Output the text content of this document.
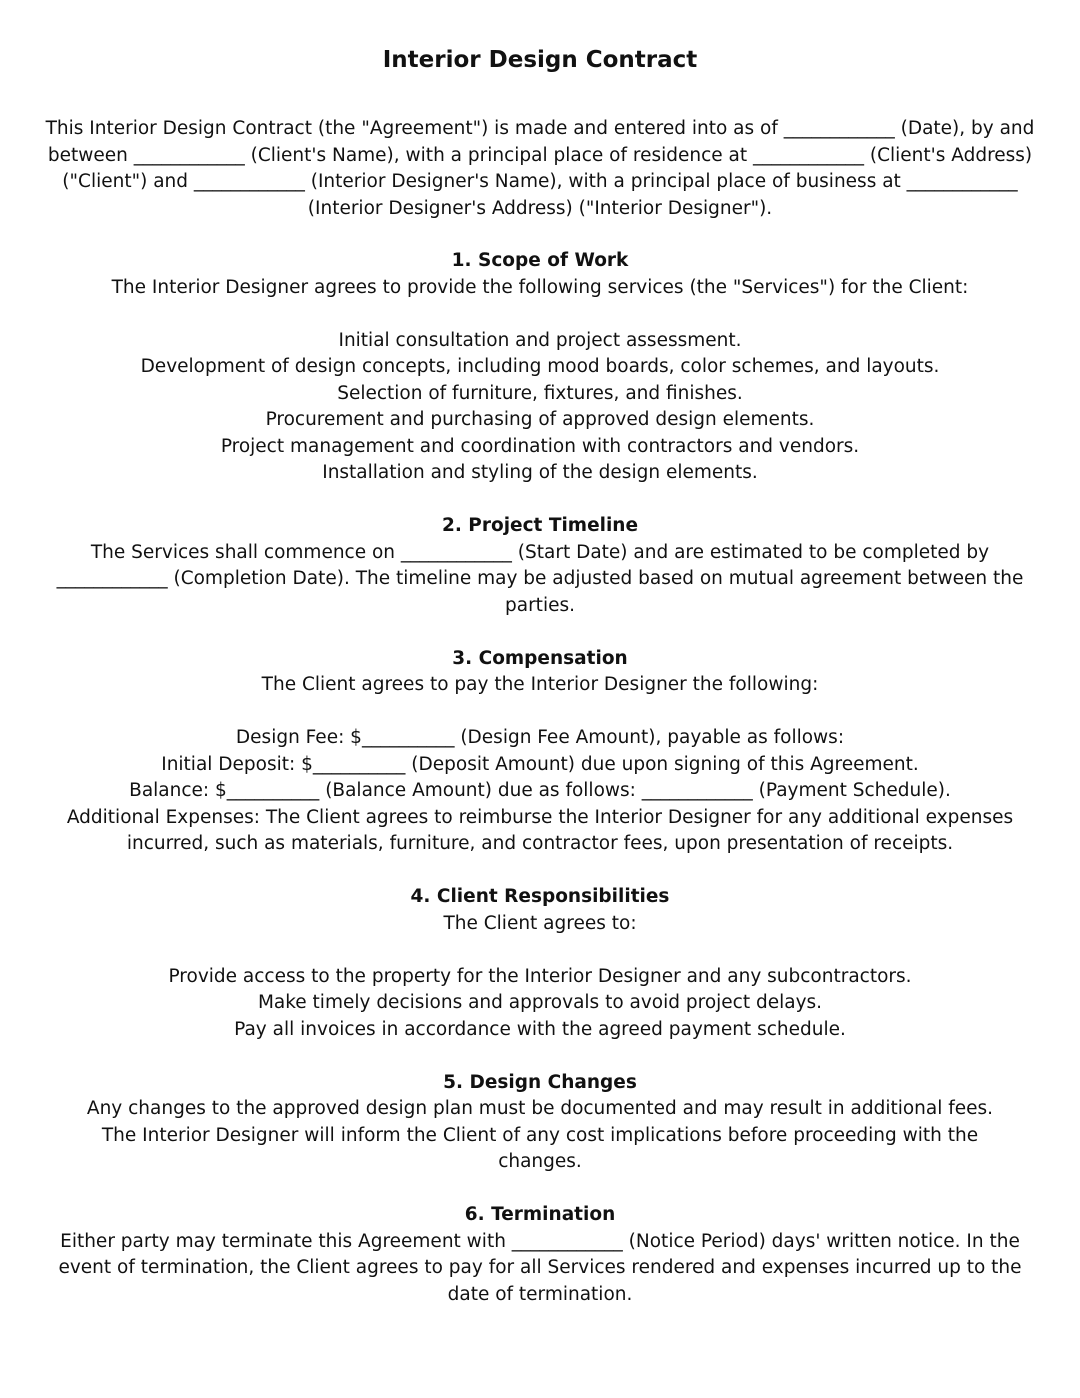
Interior Design Contract

This Interior Design Contract (the "Agreement") is made and entered into as of ____________ (Date), by and between ____________ (Client's Name), with a principal place of residence at ____________ (Client's Address) ("Client") and ____________ (Interior Designer's Name), with a principal place of business at ____________ (Interior Designer's Address) ("Interior Designer").

1. Scope of Work

The Interior Designer agrees to provide the following services (the "Services") for the Client:

Initial consultation and project assessment.
Development of design concepts, including mood boards, color schemes, and layouts.
Selection of furniture, fixtures, and finishes.
Procurement and purchasing of approved design elements.
Project management and coordination with contractors and vendors.
Installation and styling of the design elements.
2. Project Timeline

The Services shall commence on ____________ (Start Date) and are estimated to be completed by ____________ (Completion Date). The timeline may be adjusted based on mutual agreement between the parties.

3. Compensation

The Client agrees to pay the Interior Designer the following:

Design Fee: $__________ (Design Fee Amount), payable as follows:
Initial Deposit: $__________ (Deposit Amount) due upon signing of this Agreement.
Balance: $__________ (Balance Amount) due as follows: ____________ (Payment Schedule).
Additional Expenses: The Client agrees to reimburse the Interior Designer for any additional expenses incurred, such as materials, furniture, and contractor fees, upon presentation of receipts.
4. Client Responsibilities

The Client agrees to:

Provide access to the property for the Interior Designer and any subcontractors.
Make timely decisions and approvals to avoid project delays.
Pay all invoices in accordance with the agreed payment schedule.
5. Design Changes

Any changes to the approved design plan must be documented and may result in additional fees. The Interior Designer will inform the Client of any cost implications before proceeding with the changes.

6. Termination

Either party may terminate this Agreement with ____________ (Notice Period) days' written notice. In the event of termination, the Client agrees to pay for all Services rendered and expenses incurred up to the date of termination.
